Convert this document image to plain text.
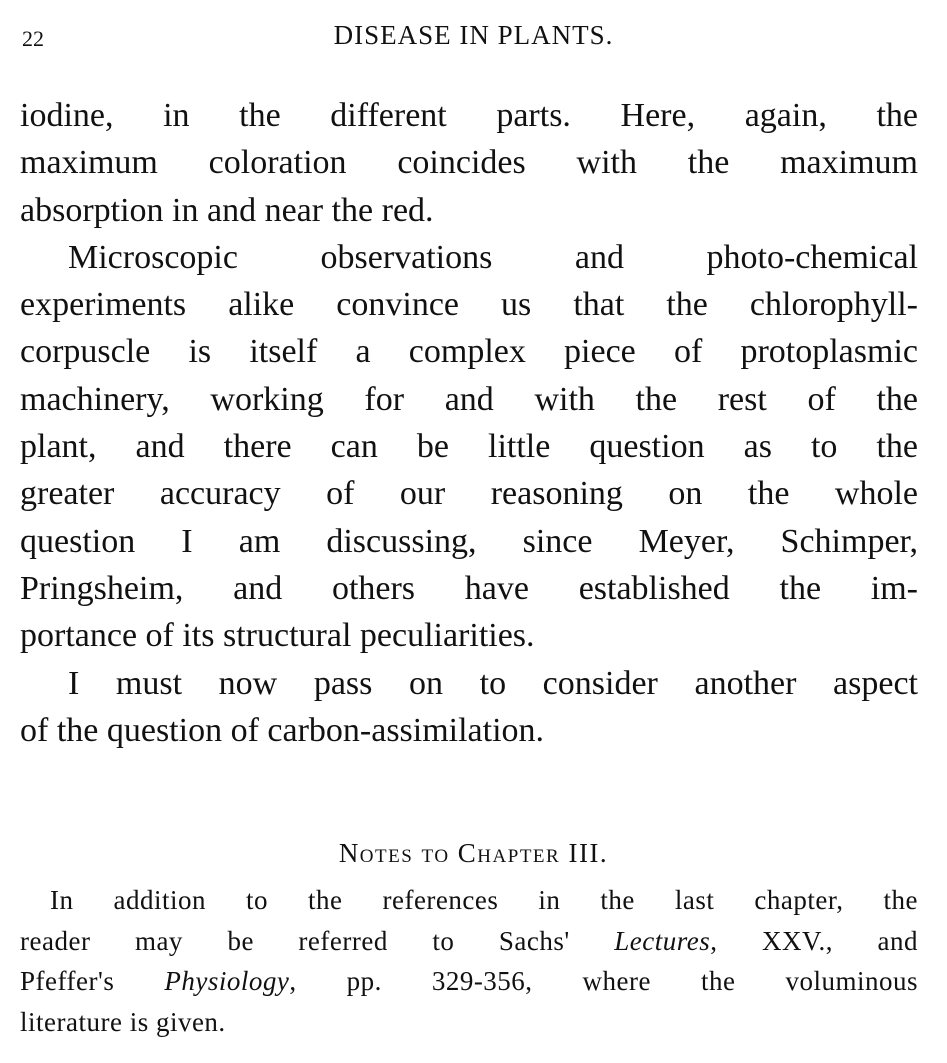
22	DISEASE IN PLANTS.
iodine, in the different parts. Here, again, the
maximum coloration coincides with the maximum
absorption in and near the red.
Microscopic observations and photo-chemical
experiments alike convince us that the chlorophyll-
corpuscle is itself a complex piece of protoplasmic
machinery, working for and with the rest of the
plant, and there can be little question as to the
greater accuracy of our reasoning on the whole
question I am discussing, since Meyer, Schimper,
Pringsheim, and others have established the im-
portance of its structural peculiarities.
I must now pass on to consider another aspect
of the question of carbon-assimilation.
Notes to Chapter III.
In addition to the references in the last chapter, the
reader may be referred to Sachs' Lectures, XXV., and
Pfeffer's Physiology, pp. 329-356, where the voluminous
literature is given.
